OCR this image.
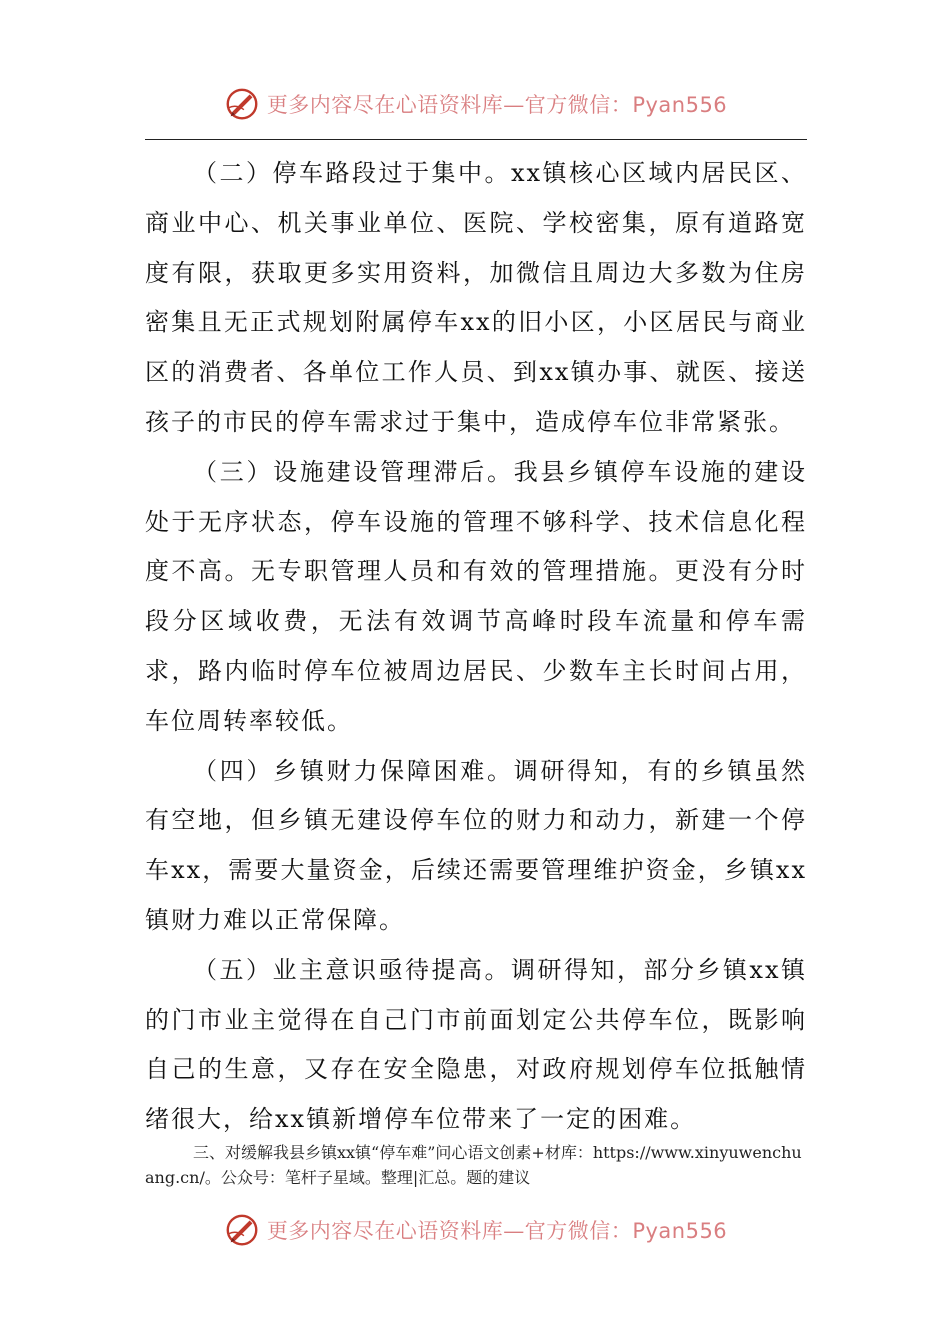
更多内容尽在心语资料库—官方微信：Pyan556

（二）停车路段过于集中。xx镇核心区域内居民区、商业中心、机关事业单位、医院、学校密集，原有道路宽度有限，获取更多实用资料，加微信且周边大多数为住房密集且无正式规划附属停车xx的旧小区，小区居民与商业区的消费者、各单位工作人员、到xx镇办事、就医、接送孩子的市民的停车需求过于集中，造成停车位非常紧张。

（三）设施建设管理滞后。我县乡镇停车设施的建设处于无序状态，停车设施的管理不够科学、技术信息化程度不高。无专职管理人员和有效的管理措施。更没有分时段分区域收费，无法有效调节高峰时段车流量和停车需求，路内临时停车位被周边居民、少数车主长时间占用，车位周转率较低。

（四）乡镇财力保障困难。调研得知，有的乡镇虽然有空地，但乡镇无建设停车位的财力和动力，新建一个停车xx，需要大量资金，后续还需要管理维护资金，乡镇xx镇财力难以正常保障。

（五）业主意识亟待提高。调研得知，部分乡镇xx镇的门市业主觉得在自己门市前面划定公共停车位，既影响自己的生意，又存在安全隐患，对政府规划停车位抵触情绪很大，给xx镇新增停车位带来了一定的困难。

三、对缓解我县乡镇xx镇“停车难”问心语文创素+材库：https://www.xinyuwenchuang.cn/。公众号：笔杆子星域。整理|汇总。题的建议
更多内容尽在心语资料库—官方微信：Pyan556
